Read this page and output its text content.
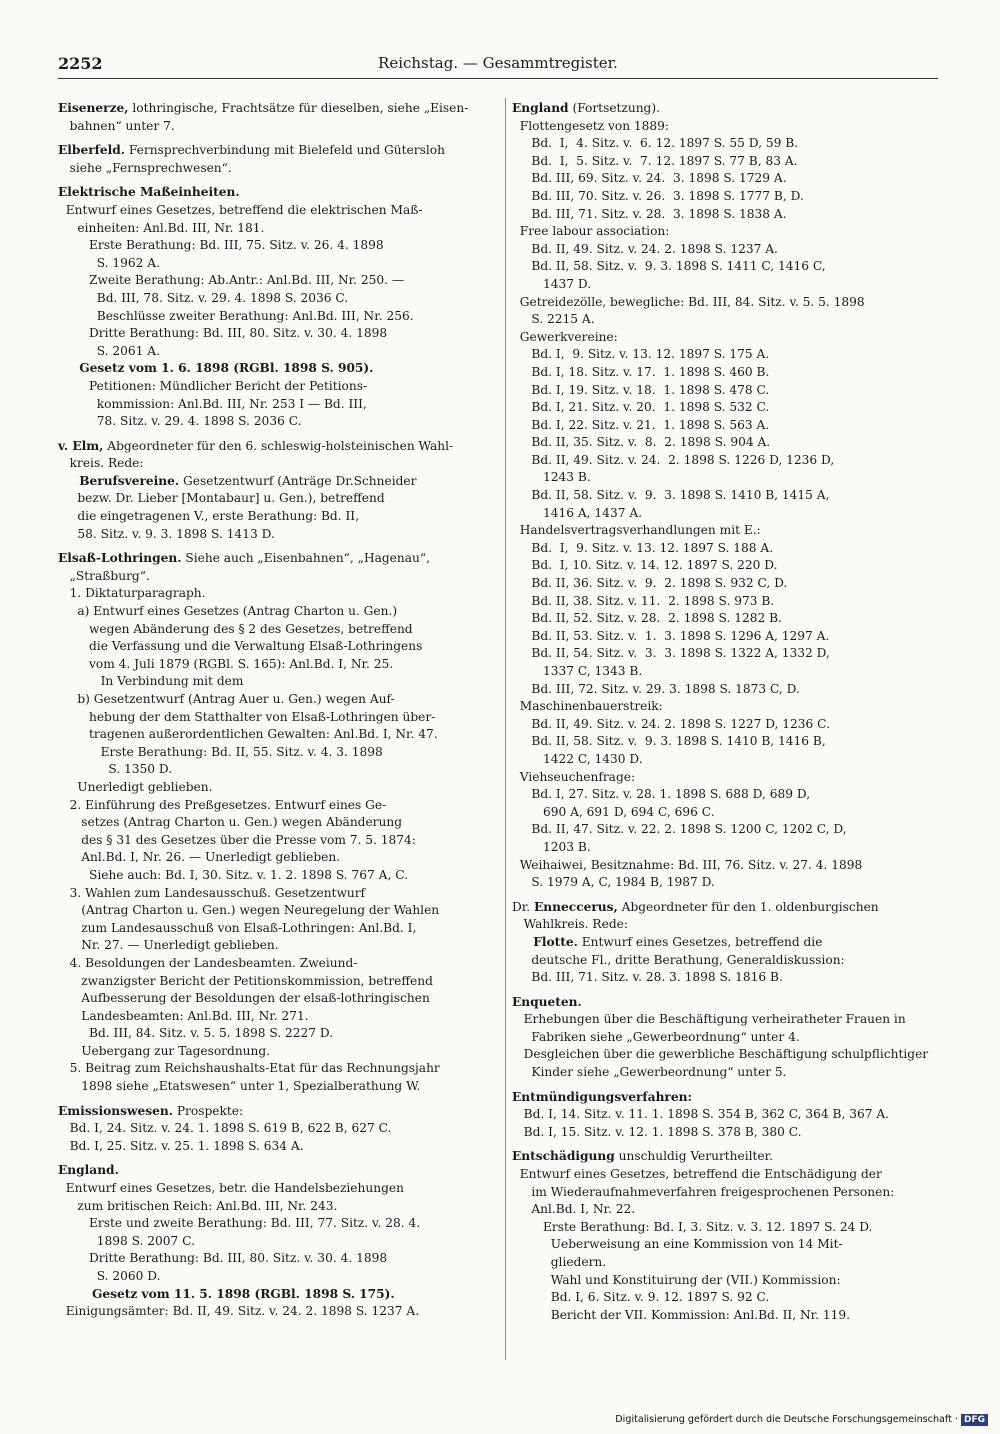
2252	Reichstag. — Gesammtregister.
Eisenerze, lothringische, Frachtsätze für dieselben, siehe „Eisen-
bahnen“ unter 7.
Elberfeld. Fernsprechverbindung mit Bielefeld und Gütersloh
siehe „Fernsprechwesen“.
Elektrische Maßeinheiten.
Entwurf eines Gesetzes, betreffend die elektrischen Maß-
einheiten: Anl.Bd. III, Nr. 181.
Erste Berathung: Bd. III, 75. Sitz. v. 26. 4. 1898
S. 1962 A.
Zweite Berathung: Ab.Antr.: Anl.Bd. III, Nr. 250. —
Bd. III, 78. Sitz. v. 29. 4. 1898 S. 2036 C.
Beschlüsse zweiter Berathung: Anl.Bd. III, Nr. 256.
Dritte Berathung: Bd. III, 80. Sitz. v. 30. 4. 1898
S. 2061 A.
Gesetz vom 1. 6. 1898 (RGBl. 1898 S. 905).
Petitionen: Mündlicher Bericht der Petitions-
kommission: Anl.Bd. III, Nr. 253 I — Bd. III,
78. Sitz. v. 29. 4. 1898 S. 2036 C.
v. Elm, Abgeordneter für den 6. schleswig-holsteinischen Wahl-
kreis. Rede:
Berufsvereine. Gesetzentwurf (Anträge Dr.Schneider
bezw. Dr. Lieber [Montabaur] u. Gen.), betreffend
die eingetragenen V., erste Berathung: Bd. II,
58. Sitz. v. 9. 3. 1898 S. 1413 D.
Elsaß-Lothringen. Siehe auch „Eisenbahnen“, „Hagenau“,
„Straßburg“.
1. Diktaturparagraph.
a) Entwurf eines Gesetzes (Antrag Charton u. Gen.)
wegen Abänderung des § 2 des Gesetzes, betreffend
die Verfassung und die Verwaltung Elsaß-Lothringens
vom 4. Juli 1879 (RGBl. S. 165): Anl.Bd. I, Nr. 25.
In Verbindung mit dem
b) Gesetzentwurf (Antrag Auer u. Gen.) wegen Auf-
hebung der dem Statthalter von Elsaß-Lothringen über-
tragenen außerordentlichen Gewalten: Anl.Bd. I, Nr. 47.
Erste Berathung: Bd. II, 55. Sitz. v. 4. 3. 1898
S. 1350 D.
Unerledigt geblieben.
2. Einführung des Preßgesetzes. Entwurf eines Ge-
setzes (Antrag Charton u. Gen.) wegen Abänderung
des § 31 des Gesetzes über die Presse vom 7. 5. 1874:
Anl.Bd. I, Nr. 26. — Unerledigt geblieben.
Siehe auch: Bd. I, 30. Sitz. v. 1. 2. 1898 S. 767 A, C.
3. Wahlen zum Landesausschuß. Gesetzentwurf
(Antrag Charton u. Gen.) wegen Neuregelung der Wahlen
zum Landesausschuß von Elsaß-Lothringen: Anl.Bd. I,
Nr. 27. — Unerledigt geblieben.
4. Besoldungen der Landesbeamten. Zweiund-
zwanzigster Bericht der Petitionskommission, betreffend
Aufbesserung der Besoldungen der elsaß-lothringischen
Landesbeamten: Anl.Bd. III, Nr. 271.
Bd. III, 84. Sitz. v. 5. 5. 1898 S. 2227 D.
Uebergang zur Tagesordnung.
5. Beitrag zum Reichshaushalts-Etat für das Rechnungsjahr
1898 siehe „Etatswesen“ unter 1, Spezialberathung W.
Emissionswesen. Prospekte:
Bd. I, 24. Sitz. v. 24. 1. 1898 S. 619 B, 622 B, 627 C.
Bd. I, 25. Sitz. v. 25. 1. 1898 S. 634 A.
England.
Entwurf eines Gesetzes, betr. die Handelsbeziehungen
zum britischen Reich: Anl.Bd. III, Nr. 243.
Erste und zweite Berathung: Bd. III, 77. Sitz. v. 28. 4.
1898 S. 2007 C.
Dritte Berathung: Bd. III, 80. Sitz. v. 30. 4. 1898
S. 2060 D.
Gesetz vom 11. 5. 1898 (RGBl. 1898 S. 175).
Einigungsämter: Bd. II, 49. Sitz. v. 24. 2. 1898 S. 1237 A.
England (Fortsetzung).
Flottengesetz von 1889:
Bd.  I,  4. Sitz. v.  6. 12. 1897 S. 55 D, 59 B.
Bd.  I,  5. Sitz. v.  7. 12. 1897 S. 77 B, 83 A.
Bd. III, 69. Sitz. v. 24.  3. 1898 S. 1729 A.
Bd. III, 70. Sitz. v. 26.  3. 1898 S. 1777 B, D.
Bd. III, 71. Sitz. v. 28.  3. 1898 S. 1838 A.
Free labour association:
Bd. II, 49. Sitz. v. 24. 2. 1898 S. 1237 A.
Bd. II, 58. Sitz. v.  9. 3. 1898 S. 1411 C, 1416 C,
1437 D.
Getreidezölle, bewegliche: Bd. III, 84. Sitz. v. 5. 5. 1898
S. 2215 A.
Gewerkvereine:
Bd. I,  9. Sitz. v. 13. 12. 1897 S. 175 A.
Bd. I, 18. Sitz. v. 17.  1. 1898 S. 460 B.
Bd. I, 19. Sitz. v. 18.  1. 1898 S. 478 C.
Bd. I, 21. Sitz. v. 20.  1. 1898 S. 532 C.
Bd. I, 22. Sitz. v. 21.  1. 1898 S. 563 A.
Bd. II, 35. Sitz. v.  8.  2. 1898 S. 904 A.
Bd. II, 49. Sitz. v. 24.  2. 1898 S. 1226 D, 1236 D,
1243 B.
Bd. II, 58. Sitz. v.  9.  3. 1898 S. 1410 B, 1415 A,
1416 A, 1437 A.
Handelsvertragsverhandlungen mit E.:
Bd.  I,  9. Sitz. v. 13. 12. 1897 S. 188 A.
Bd.  I, 10. Sitz. v. 14. 12. 1897 S. 220 D.
Bd. II, 36. Sitz. v.  9.  2. 1898 S. 932 C, D.
Bd. II, 38. Sitz. v. 11.  2. 1898 S. 973 B.
Bd. II, 52. Sitz. v. 28.  2. 1898 S. 1282 B.
Bd. II, 53. Sitz. v.  1.  3. 1898 S. 1296 A, 1297 A.
Bd. II, 54. Sitz. v.  3.  3. 1898 S. 1322 A, 1332 D,
1337 C, 1343 B.
Bd. III, 72. Sitz. v. 29. 3. 1898 S. 1873 C, D.
Maschinenbauerstreik:
Bd. II, 49. Sitz. v. 24. 2. 1898 S. 1227 D, 1236 C.
Bd. II, 58. Sitz. v.  9. 3. 1898 S. 1410 B, 1416 B,
1422 C, 1430 D.
Viehseuchenfrage:
Bd. I, 27. Sitz. v. 28. 1. 1898 S. 688 D, 689 D,
690 A, 691 D, 694 C, 696 C.
Bd. II, 47. Sitz. v. 22. 2. 1898 S. 1200 C, 1202 C, D,
1203 B.
Weihaiwei, Besitznahme: Bd. III, 76. Sitz. v. 27. 4. 1898
S. 1979 A, C, 1984 B, 1987 D.
Dr. Enneccerus, Abgeordneter für den 1. oldenburgischen
Wahlkreis. Rede:
Flotte. Entwurf eines Gesetzes, betreffend die
deutsche Fl., dritte Berathung, Generaldiskussion:
Bd. III, 71. Sitz. v. 28. 3. 1898 S. 1816 B.
Enqueten.
Erhebungen über die Beschäftigung verheiratheter Frauen in
Fabriken siehe „Gewerbeordnung“ unter 4.
Desgleichen über die gewerbliche Beschäftigung schulpflichtiger
Kinder siehe „Gewerbeordnung“ unter 5.
Entmündigungsverfahren:
Bd. I, 14. Sitz. v. 11. 1. 1898 S. 354 B, 362 C, 364 B, 367 A.
Bd. I, 15. Sitz. v. 12. 1. 1898 S. 378 B, 380 C.
Entschädigung unschuldig Verurtheilter.
Entwurf eines Gesetzes, betreffend die Entschädigung der
im Wiederaufnahmeverfahren freigesprochenen Personen:
Anl.Bd. I, Nr. 22.
Erste Berathung: Bd. I, 3. Sitz. v. 3. 12. 1897 S. 24 D.
Ueberweisung an eine Kommission von 14 Mit-
gliedern.
Wahl und Konstituirung der (VII.) Kommission:
Bd. I, 6. Sitz. v. 9. 12. 1897 S. 92 C.
Bericht der VII. Kommission: Anl.Bd. II, Nr. 119.
Digitalisierung gefördert durch die Deutsche Forschungsgemeinschaft · DFG
